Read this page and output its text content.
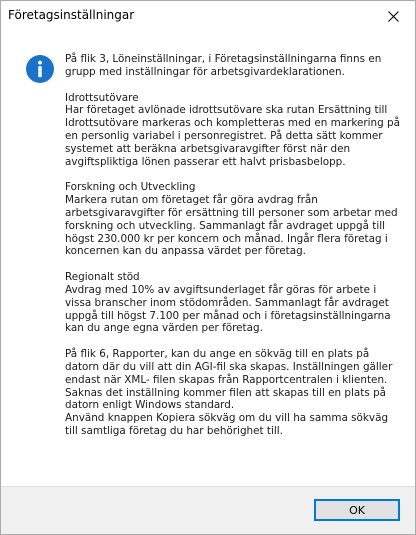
Företagsinställningar

På flik 3, Löneinställningar, i Företagsinställningarna finns en grupp med inställningar för arbetsgivardeklarationen.

Idrottsutövare
Har företaget avlönade idrottsutövare ska rutan Ersättning till Idrottsutövare markeras och kompletteras med en markering på en personlig variabel i personregistret. På detta sätt kommer systemet att beräkna arbetsgivaravgifter först när den avgiftspliktiga lönen passerar ett halvt prisbasbelopp.

Forskning och Utveckling
Markera rutan om företaget får göra avdrag från arbetsgivaravgifter för ersättning till personer som arbetar med forskning och utveckling. Sammanlagt får avdraget uppgå till högst 230.000 kr per koncern och månad. Ingår flera företag i koncernen kan du anpassa värdet per företag.

Regionalt stöd
Avdrag med 10% av avgiftsunderlaget får göras för arbete i vissa branscher inom stödområden. Sammanlagt får avdraget uppgå till högst 7.100 per månad och i företagsinställningarna kan du ange egna värden per företag.

På flik 6, Rapporter, kan du ange en sökväg till en plats på datorn där du vill att din AGI-fil ska skapas. Inställningen gäller endast när XML- filen skapas från Rapportcentralen i klienten.
Saknas det inställning kommer filen att skapas till en plats på datorn enligt Windows standard.
Använd knappen Kopiera sökväg om du vill ha samma sökväg till samtliga företag du har behörighet till.

OK
